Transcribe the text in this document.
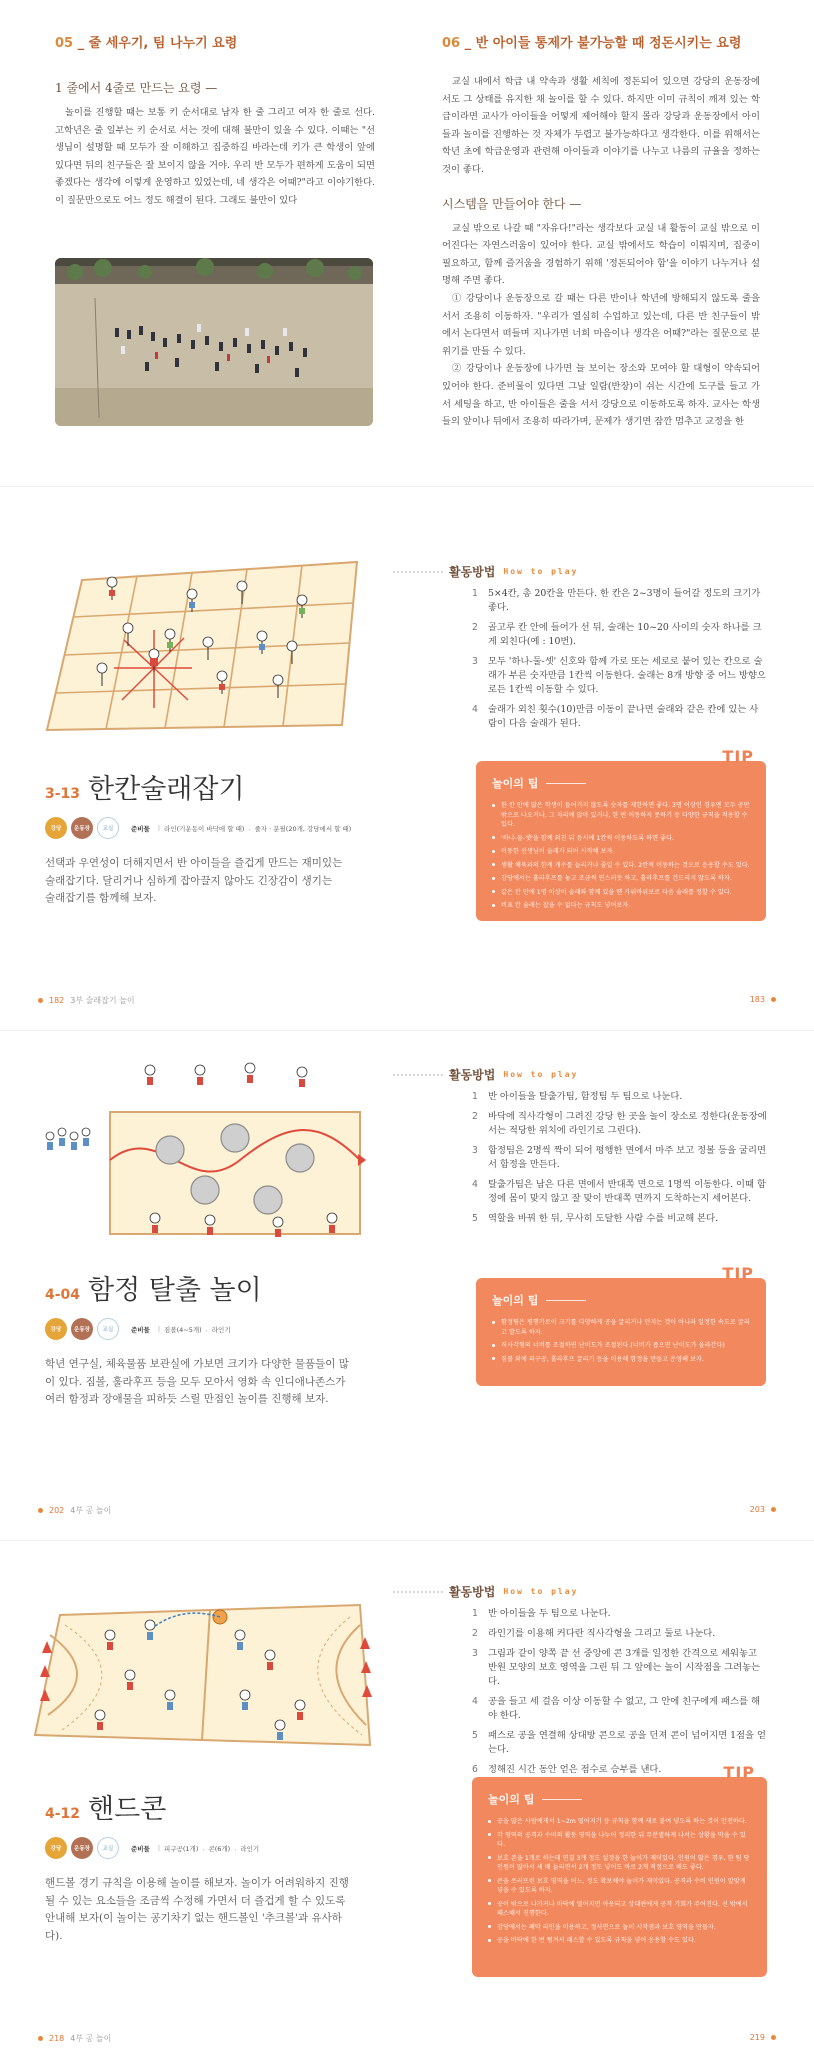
05 _ 줄 세우기, 팀 나누기 요령
1 줄에서 4줄로 만드는 요령 —

놀이를 진행할 때는 보통 키 순서대로 남자 한 줄 그리고 여자 한 줄로 선다. 고학년은 줄 일부는 키 순서로 서는 것에 대해 불만이 있을 수 있다. 이때는 "선생님이 설명할 때 모두가 잘 이해하고 집중하길 바라는데 키가 큰 학생이 앞에 있다면 뒤의 친구들은 잘 보이지 않을 거야. 우리 반 모두가 편하게 도움이 되면 좋겠다는 생각에 이렇게 운영하고 있었는데, 네 생각은 어때?"라고 이야기한다. 이 질문만으로도 어느 정도 해결이 된다. 그래도 불만이 있다

06 _ 반 아이들 통제가 불가능할 때 정돈시키는 요령

교실 내에서 학급 내 약속과 생활 세칙에 정돈되어 있으면 강당의 운동장에 서도 그 상태를 유지한 채 놀이를 할 수 있다. 하지만 이미 규칙이 깨져 있는 학급이라면 교사가 아이들을 어떻게 제어해야 할지 몰라 강당과 운동장에서 아이들과 놀이를 진행하는 것 자체가 두렵고 불가능하다고 생각한다. 이를 위해서는 학년 초에 학급운영과 관련해 아이들과 이야기를 나누고 나름의 규율을 정하는 것이 좋다.

시스템을 만들어야 한다 —

교실 밖으로 나갈 때 "자유다!"라는 생각보다 교실 내 활동이 교실 밖으로 이어진다는 자연스러움이 있어야 한다. 교실 밖에서도 학습이 이뤄지며, 집중이 필요하고, 함께 즐거움을 경험하기 위해 '정돈되어야 함'을 이야기 나누거나 설명해 주면 좋다.

① 강당이나 운동장으로 갈 때는 다른 반이나 학년에 방해되지 않도록 줄을 서서 조용히 이동하자. "우리가 열심히 수업하고 있는데, 다른 반 친구들이 밖에서 논다면서 떠들며 지나가면 너희 마음이나 생각은 어때?"라는 질문으로 분위기를 만들 수 있다.

② 강당이나 운동장에 나가면 늘 보이는 장소와 모여야 할 대형이 약속되어 있어야 한다. 준비물이 있다면 그날 일람(반장)이 쉬는 시간에 도구를 들고 가서 세팅을 하고, 반 아이들은 줄을 서서 강당으로 이동하도록 하자. 교사는 학생들의 앞이나 뒤에서 조용히 따라가며, 문제가 생기면 잠깐 멈추고 교정을 한

활동방법 How to play
1	5×4칸, 총 20칸을 만든다. 한 칸은 2~3명이 들어갈 정도의 크기가 좋다.
2	골고루 칸 안에 들어가 선 뒤, 술래는 10~20 사이의 숫자 하나를 크게 외친다(예 : 10번).
3	모두 '하나-둘-셋' 신호와 함께 가로 또는 세로로 붙어 있는 칸으로 술래가 부른 숫자만큼 1칸씩 이동한다. 술래는 8개 방향 중 어느 방향으로든 1칸씩 이동할 수 있다.
4	술래가 외친 횟수(10)만큼 이동이 끝나면 술래와 같은 칸에 있는 사람이 다음 술래가 된다.
3-13 한칸술래잡기
강당	운동장	교실	준비물 | 라인(기운동이 바닥에 할 때) , 줄자 · 분필(20개, 강당에서 할 때)

선택과 우연성이 더해지면서 반 아이들을 즐겁게 만드는 재미있는 술래잡기다. 달리거나 심하게 잡아끌지 않아도 긴장감이 생기는 술래잡기를 함께해 보자.

TIP
놀이의 팁
한 칸 안에 많은 학생이 들어가지 않도록 숫자를 제한하면 좋다. 3명 이상인 경우엔 모두 공만 밖으로 나오거나, 그 자리에 앉아 있거나, 한 번 이동하지 못하기 등 다양한 규칙을 적용할 수 있다.
'하나-둘-셋'을 함께 외친 뒤 동시에 1칸씩 이동하도록 하면 좋다.
이동한 선생님이 술래가 되어 시작해 보자.
생활 체육과의 한계 개수를 늘리거나 줄일 수 있다. 2칸씩 이동하는 것으로 응용할 수도 있다.
강당에서는 훌라후프를 놓고 조금씩 연스러듯 하고, 훌라후프를 건드리지 않도록 하자.
같은 칸 안에 1명 이상이 술래와 함께 있을 땐 가위바위보로 다음 술래를 정할 수 있다.
비표 칸 술래는 잡을 수 없다는 규칙도 넣어보자.
182 3부 술래잡기 놀이	183
활동방법 How to play
1	반 아이들을 탈출가팀, 함정팀 두 팀으로 나눈다.
2	바닥에 직사각형이 그려진 강당 한 곳을 놀이 장소로 정한다(운동장에서는 적당한 위치에 라인기로 그린다).
3	함정팀은 2명씩 짝이 되어 평행한 면에서 마주 보고 정볼 등을 굴리면서 함정을 만든다.
4	탈출가팀은 남은 다른 면에서 반대쪽 면으로 1명씩 이동한다. 이때 함정에 몸이 맞지 않고 잘 맞이 반대쪽 면까지 도착하는지 세어본다.
5	역할을 바꿔 한 뒤, 무사히 도달한 사람 수를 비교해 본다.
4-04 함정 탈출 놀이
강당	운동장	교실	준비물 | 짐볼(4~5개) , 라인기

학년 연구실, 체육물품 보관실에 가보면 크기가 다양한 물품들이 많이 있다. 짐볼, 훌라후프 등을 모두 모아서 영화 속 인디애나존스가 여러 함정과 장애물을 피하듯 스릴 만점인 놀이를 진행해 보자.

TIP
놀이의 팁
함정팀은 평행가로이 크기를 다양하게 공을 굴리거나 던지는 것이 아니라 일정한 속도로 굴리고 발도록 하자.
직사각형의 너비를 조절하면 난이도가 조절된다.(너비가 좁으면 난이도가 올라간다)
짐볼 외에 피구공, 훌라후프 굴리기 등을 이용해 함정을 만들고 운영해 보자.
202 4부 공 놀이	203
활동방법 How to play
1	반 아이들을 두 팀으로 나눈다.
2	라인기를 이용해 커다란 직사각형을 그리고 둘로 나눈다.
3	그림과 같이 양쪽 끝 선 중앙에 콘 3개를 일정한 간격으로 세워놓고 반원 모양의 보호 영역을 그린 뒤 그 앞에는 놀이 시작점을 그려놓는다.
4	공을 들고 세 걸음 이상 이동할 수 없고, 그 안에 친구에게 패스를 해야 한다.
5	패스로 공을 연결해 상대방 콘으로 공을 던져 콘이 넘어지면 1점을 얻는다.
6	정해진 시간 동안 얻은 점수로 승부를 낸다.
4-12 핸드콘
강당	운동장	교실	준비물 | 피구공(1개) , 콘(6개) , 라인기

핸드볼 경기 규칙을 이용해 놀이를 해보자. 놀이가 어려워하지 진행될 수 있는 요소들을 조금씩 수정해 가면서 더 즐겁게 할 수 있도록 안내해 보자(이 놀이는 공기차기 없는 핸드볼인 '추크볼'과 유사하다).

TIP
놀이의 팁
공을 많은 사람에게서 1~2m 떨어지기 등 규칙을 함께 새로 붙여 넣도록 하는 것이 안전하다.
각 영역의 공격과 수비의 활동 영역을 나누어 정리한 뒤 무분별하게 나서는 상황을 막을 수 있다.
보호 존을 1개로 하는데 연결 3개 정도 설정을 한 놀이가 재미있다. 인원이 많은 경우, 한 팀 당 인원이 많아서 세 배 늘리면서 2개 정도 넣어도 바로 2개 적정으로 해도 좋다.
콘을 쓰러뜨린 보호 영역을 어느, 정도 확보해야 놀이가 재미있다. 공격과 수비 인원이 알맞게 넣을 수 있도록 하자.
공이 밖으로 나가거나 바닥에 떨어지면 아웃되고 상대편에게 공격 기회가 주어진다. 선 밖에서 패스해서 진행한다.
강당에서는 폐막 라인을 이용하고, 정사면으로 놀이 시작점과 보호 영역을 만들자.
공을 바닥에 한 번 튕겨서 패스할 수 있도록 규칙을 넣어 응용할 수도 있다.
218 4부 공 놀이	219
